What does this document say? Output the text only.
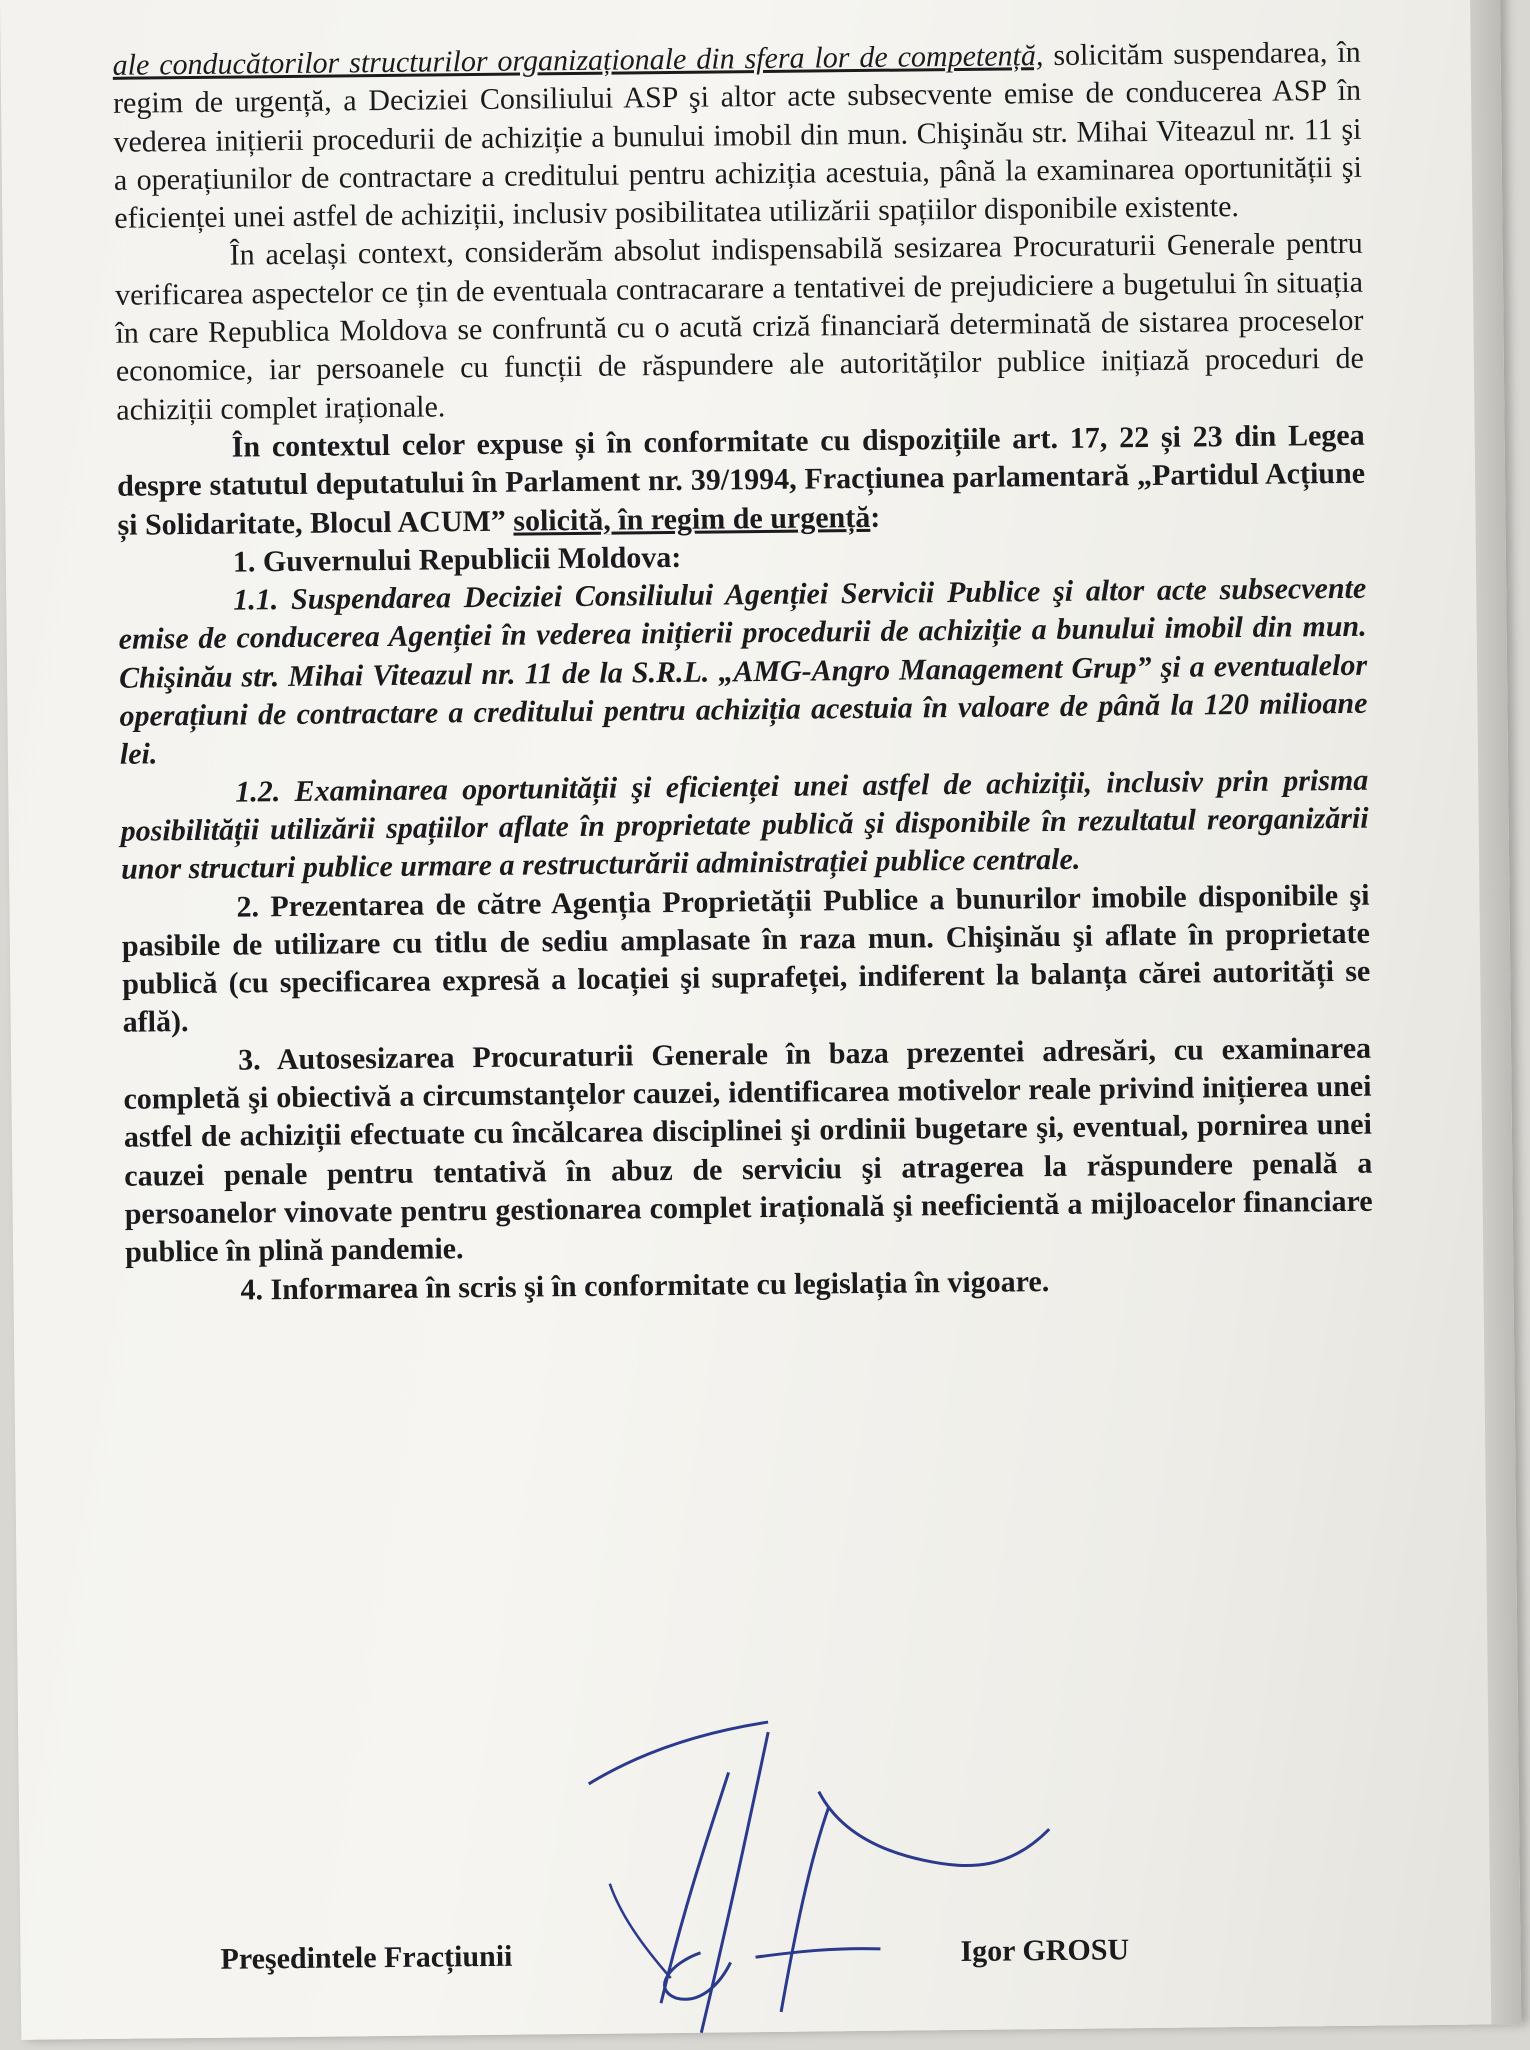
ale conducătorilor structurilor organizaționale din sfera lor de competență, solicităm suspendarea, în regim de urgență, a Deciziei Consiliului ASP şi altor acte subsecvente emise de conducerea ASP în vederea inițierii procedurii de achiziție a bunului imobil din mun. Chişinău str. Mihai Viteazul nr. 11 şi a operațiunilor de contractare a creditului pentru achiziția acestuia, până la examinarea oportunității şi eficienței unei astfel de achiziții, inclusiv posibilitatea utilizării spațiilor disponibile existente.

În același context, considerăm absolut indispensabilă sesizarea Procuraturii Generale pentru verificarea aspectelor ce țin de eventuala contracarare a tentativei de prejudiciere a bugetului în situația în care Republica Moldova se confruntă cu o acută criză financiară determinată de sistarea proceselor economice, iar persoanele cu funcții de răspundere ale autorităților publice inițiază proceduri de achiziții complet iraționale.

În contextul celor expuse și în conformitate cu dispozițiile art. 17, 22 și 23 din Legea despre statutul deputatului în Parlament nr. 39/1994, Fracțiunea parlamentară „Partidul Acțiune și Solidaritate, Blocul ACUM” solicită, în regim de urgență:

1. Guvernului Republicii Moldova:

1.1. Suspendarea Deciziei Consiliului Agenției Servicii Publice şi altor acte subsecvente emise de conducerea Agenției în vederea inițierii procedurii de achiziție a bunului imobil din mun. Chişinău str. Mihai Viteazul nr. 11 de la S.R.L. „AMG-Angro Management Grup” şi a eventualelor operațiuni de contractare a creditului pentru achiziția acestuia în valoare de până la 120 milioane lei.

1.2. Examinarea oportunității şi eficienței unei astfel de achiziții, inclusiv prin prisma posibilității utilizării spațiilor aflate în proprietate publică şi disponibile în rezultatul reorganizării unor structuri publice urmare a restructurării administrației publice centrale.

2. Prezentarea de către Agenția Proprietății Publice a bunurilor imobile disponibile şi pasibile de utilizare cu titlu de sediu amplasate în raza mun. Chişinău şi aflate în proprietate publică (cu specificarea expresă a locației şi suprafeței, indiferent la balanța cărei autorități se află).

3. Autosesizarea Procuraturii Generale în baza prezentei adresări, cu examinarea completă şi obiectivă a circumstanțelor cauzei, identificarea motivelor reale privind inițierea unei astfel de achiziții efectuate cu încălcarea disciplinei şi ordinii bugetare şi, eventual, pornirea unei cauzei penale pentru tentativă în abuz de serviciu şi atragerea la răspundere penală a persoanelor vinovate pentru gestionarea complet irațională şi neeficientă a mijloacelor financiare publice în plină pandemie.

4. Informarea în scris şi în conformitate cu legislația în vigoare.

Preşedintele Fracțiunii	Igor GROSU
